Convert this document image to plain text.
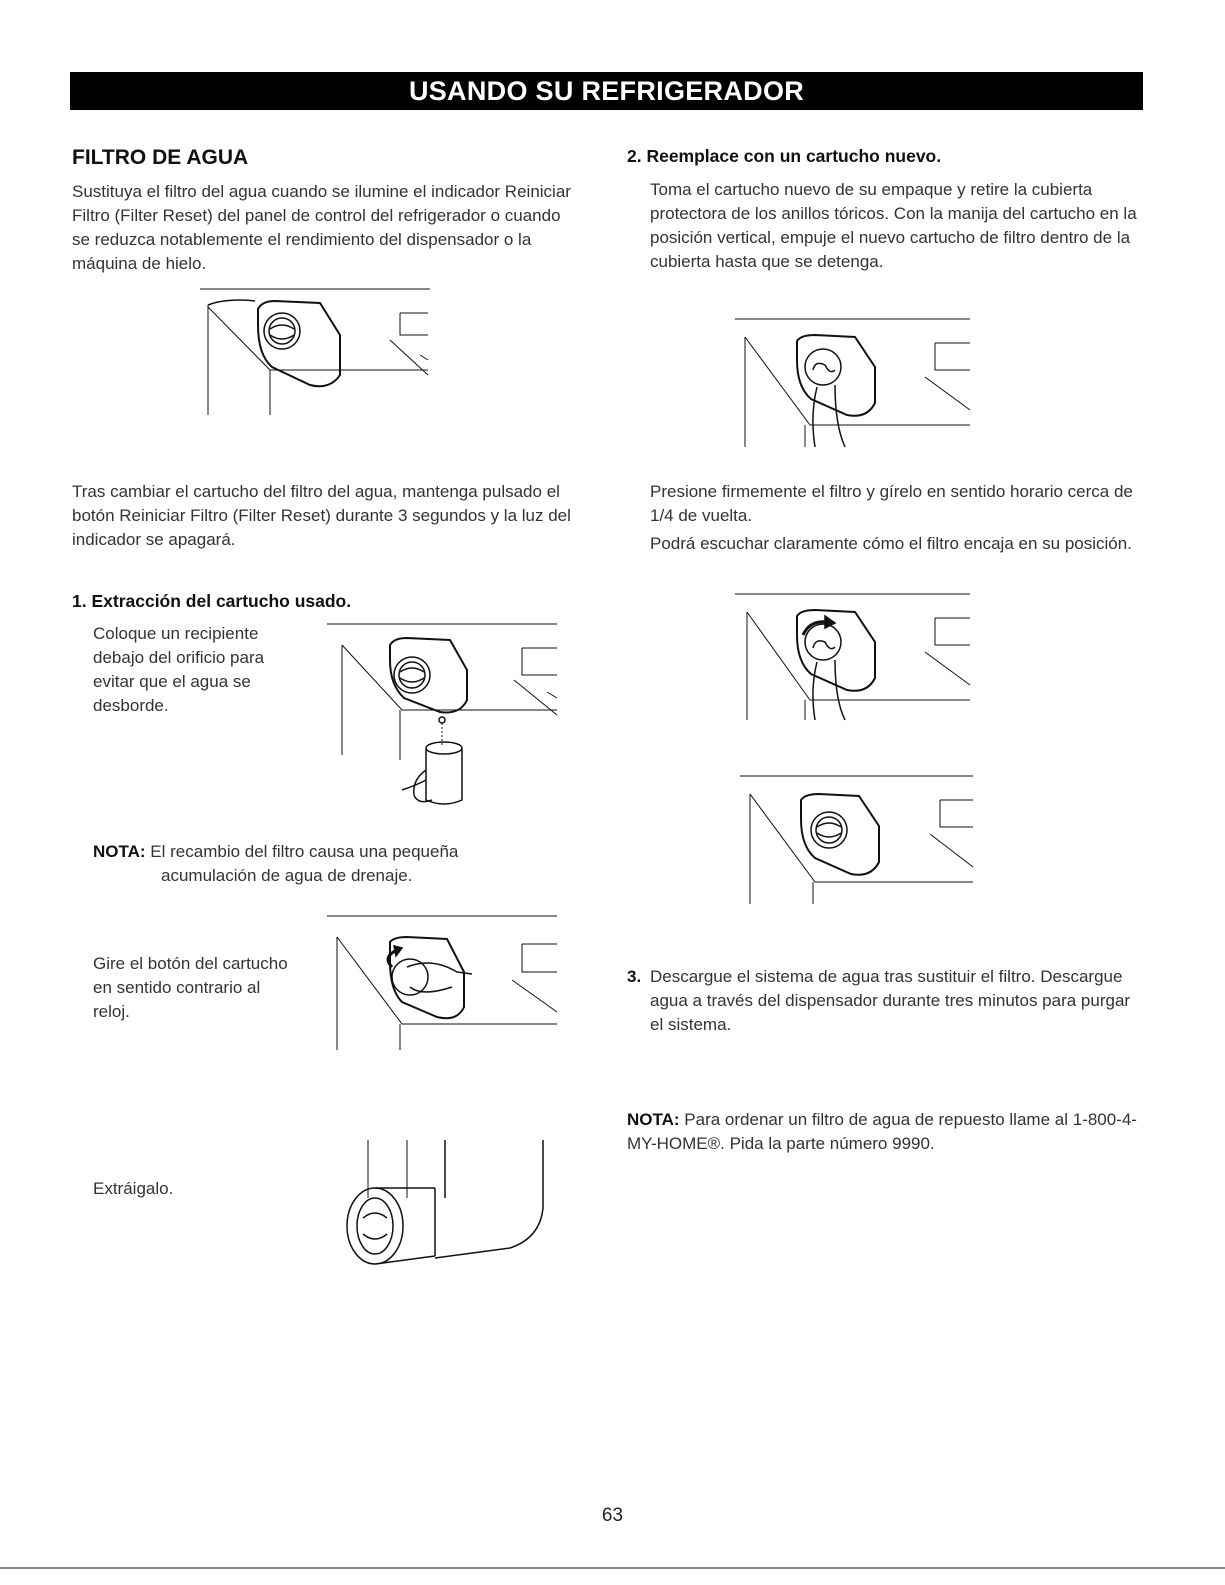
USANDO SU REFRIGERADOR
FILTRO DE AGUA

Sustituya el filtro del agua cuando se ilumine el indicador Reiniciar Filtro (Filter Reset) del panel de control del refrigerador o cuando se reduzca notablemente el rendimiento del dispensador o la máquina de hielo.

Tras cambiar el cartucho del filtro del agua, mantenga pulsado el botón Reiniciar Filtro (Filter Reset) durante 3 segundos y la luz del indicador se apagará.

1. Extracción del cartucho usado.

Coloque un recipiente debajo del orificio para evitar que el agua se desborde.

NOTA: El recambio del filtro causa una pequeña
acumulación de agua de drenaje.

Gire el botón del cartucho en sentido contrario al reloj.

Extráigalo.
2. Reemplace con un cartucho nuevo.

Toma el cartucho nuevo de su empaque y retire la cubierta protectora de los anillos tóricos. Con la manija del cartucho en la posición vertical, empuje el nuevo cartucho de filtro dentro de la cubierta hasta que se detenga.

Presione firmemente el filtro y gírelo en sentido horario cerca de 1/4 de vuelta.

Podrá escuchar claramente cómo el filtro encaja en su posición.

3. Descargue el sistema de agua tras sustituir el filtro. Descargue agua a través del dispensador durante tres minutos para purgar el sistema.
NOTA: Para ordenar un filtro de agua de repuesto llame al 1-800-4-MY-HOME®. Pida la parte número 9990.
63
